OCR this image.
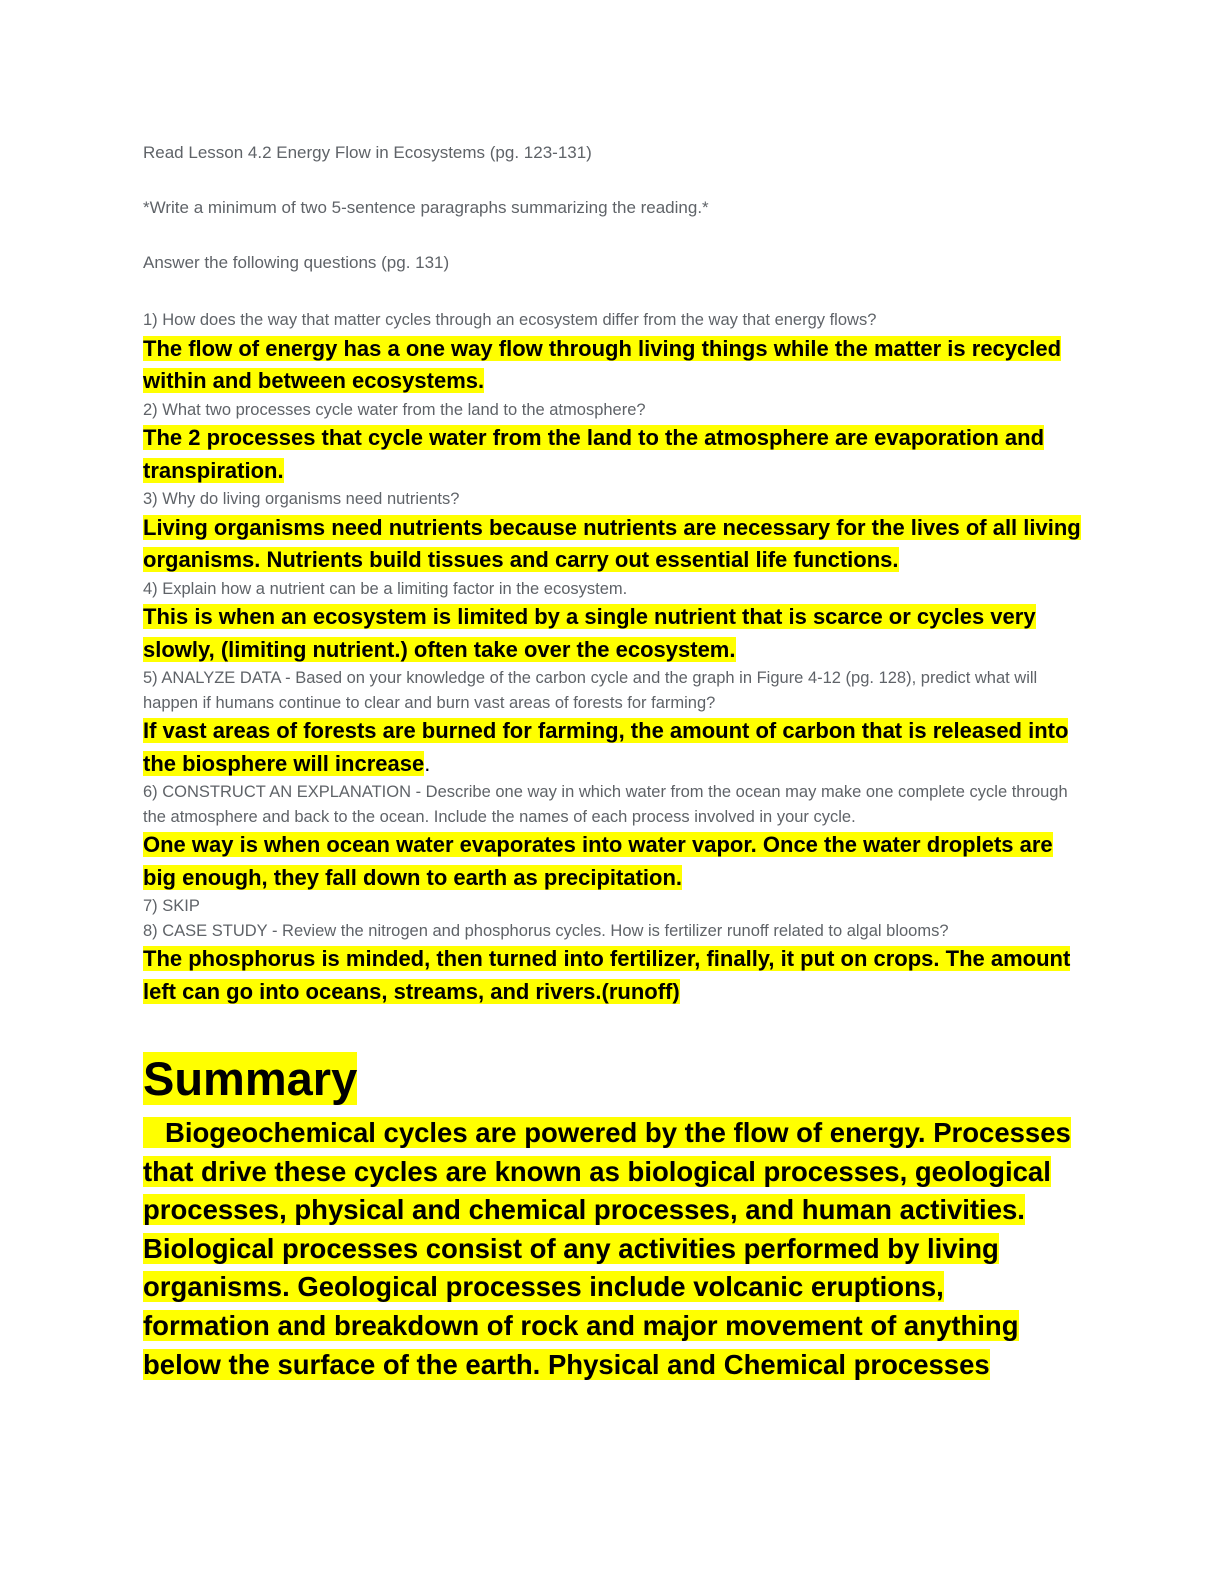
Read Lesson 4.2 Energy Flow in Ecosystems (pg. 123-131)

*Write a minimum of two 5-sentence paragraphs summarizing the reading.*

Answer the following questions (pg. 131)

1) How does the way that matter cycles through an ecosystem differ from the way that energy flows?

The flow of energy has a one way flow through living things while the matter is recycled within and between ecosystems.

2) What two processes cycle water from the land to the atmosphere?

The 2 processes that cycle water from the land to the atmosphere are evaporation and transpiration.

3) Why do living organisms need nutrients?

Living organisms need nutrients because nutrients are necessary for the lives of all living organisms. Nutrients build tissues and carry out essential life functions.

4) Explain how a nutrient can be a limiting factor in the ecosystem.

This is when an ecosystem is limited by a single nutrient that is scarce or cycles very slowly, (limiting nutrient.) often take over the ecosystem.

5) ANALYZE DATA - Based on your knowledge of the carbon cycle and the graph in Figure 4-12 (pg. 128), predict what will happen if humans continue to clear and burn vast areas of forests for farming?

If vast areas of forests are burned for farming, the amount of carbon that is released into the biosphere will increase.

6) CONSTRUCT AN EXPLANATION - Describe one way in which water from the ocean may make one complete cycle through the atmosphere and back to the ocean. Include the names of each process involved in your cycle.

One way is when ocean water evaporates into water vapor. Once the water droplets are big enough, they fall down to earth as precipitation.

7) SKIP

8) CASE STUDY - Review the nitrogen and phosphorus cycles. How is fertilizer runoff related to algal blooms?

The phosphorus is minded, then turned into fertilizer, finally, it put on crops. The amount left can go into oceans, streams, and rivers.(runoff)

Summary

Biogeochemical cycles are powered by the flow of energy. Processes that drive these cycles are known as biological processes, geological processes, physical and chemical processes, and human activities. Biological processes consist of any activities performed by living organisms. Geological processes include volcanic eruptions, formation and breakdown of rock and major movement of anything below the surface of the earth. Physical and Chemical processes
